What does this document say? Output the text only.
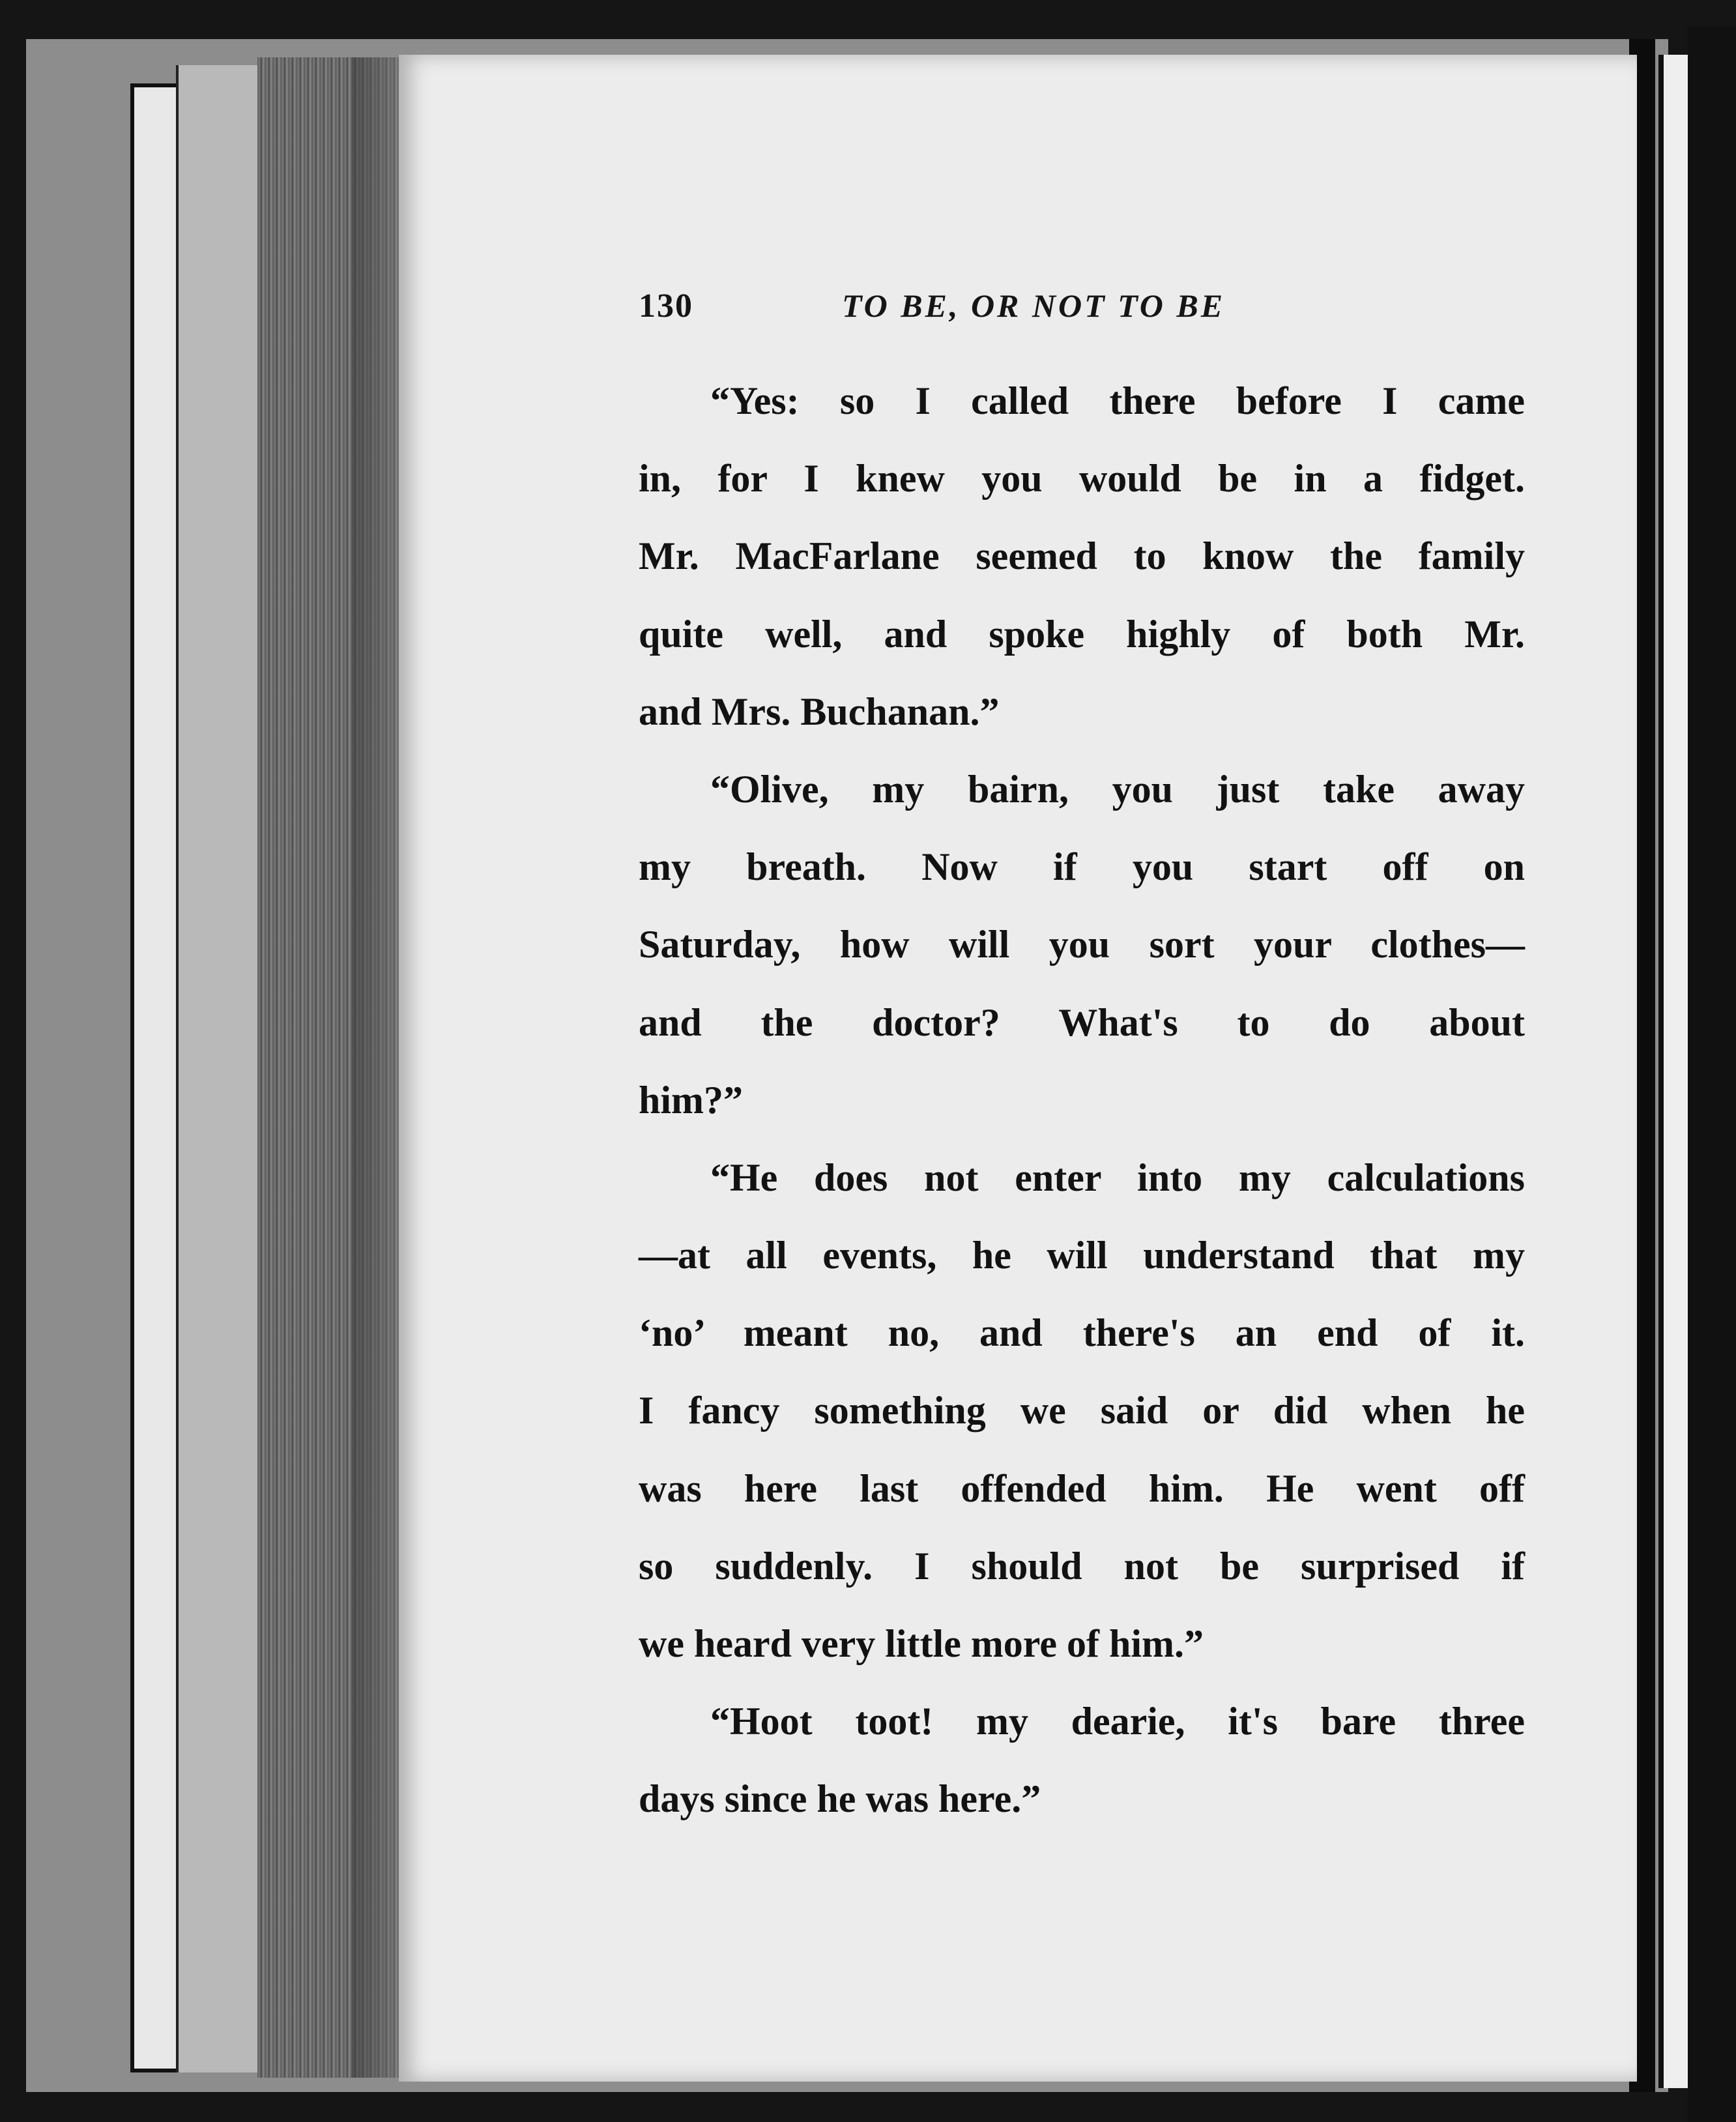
130	TO BE, OR NOT TO BE
“Yes: so I called there before I came
in, for I knew you would be in a fidget.
Mr. MacFarlane seemed to know the family
quite well, and spoke highly of both Mr.
and Mrs. Buchanan.”
“Olive, my bairn, you just take away
my breath. Now if you start off on
Saturday, how will you sort your clothes—
and the doctor? What's to do about
him?”
“He does not enter into my calculations
—at all events, he will understand that my
‘no’ meant no, and there's an end of it.
I fancy something we said or did when he
was here last offended him. He went off
so suddenly. I should not be surprised if
we heard very little more of him.”
“Hoot toot! my dearie, it's bare three
days since he was here.”
